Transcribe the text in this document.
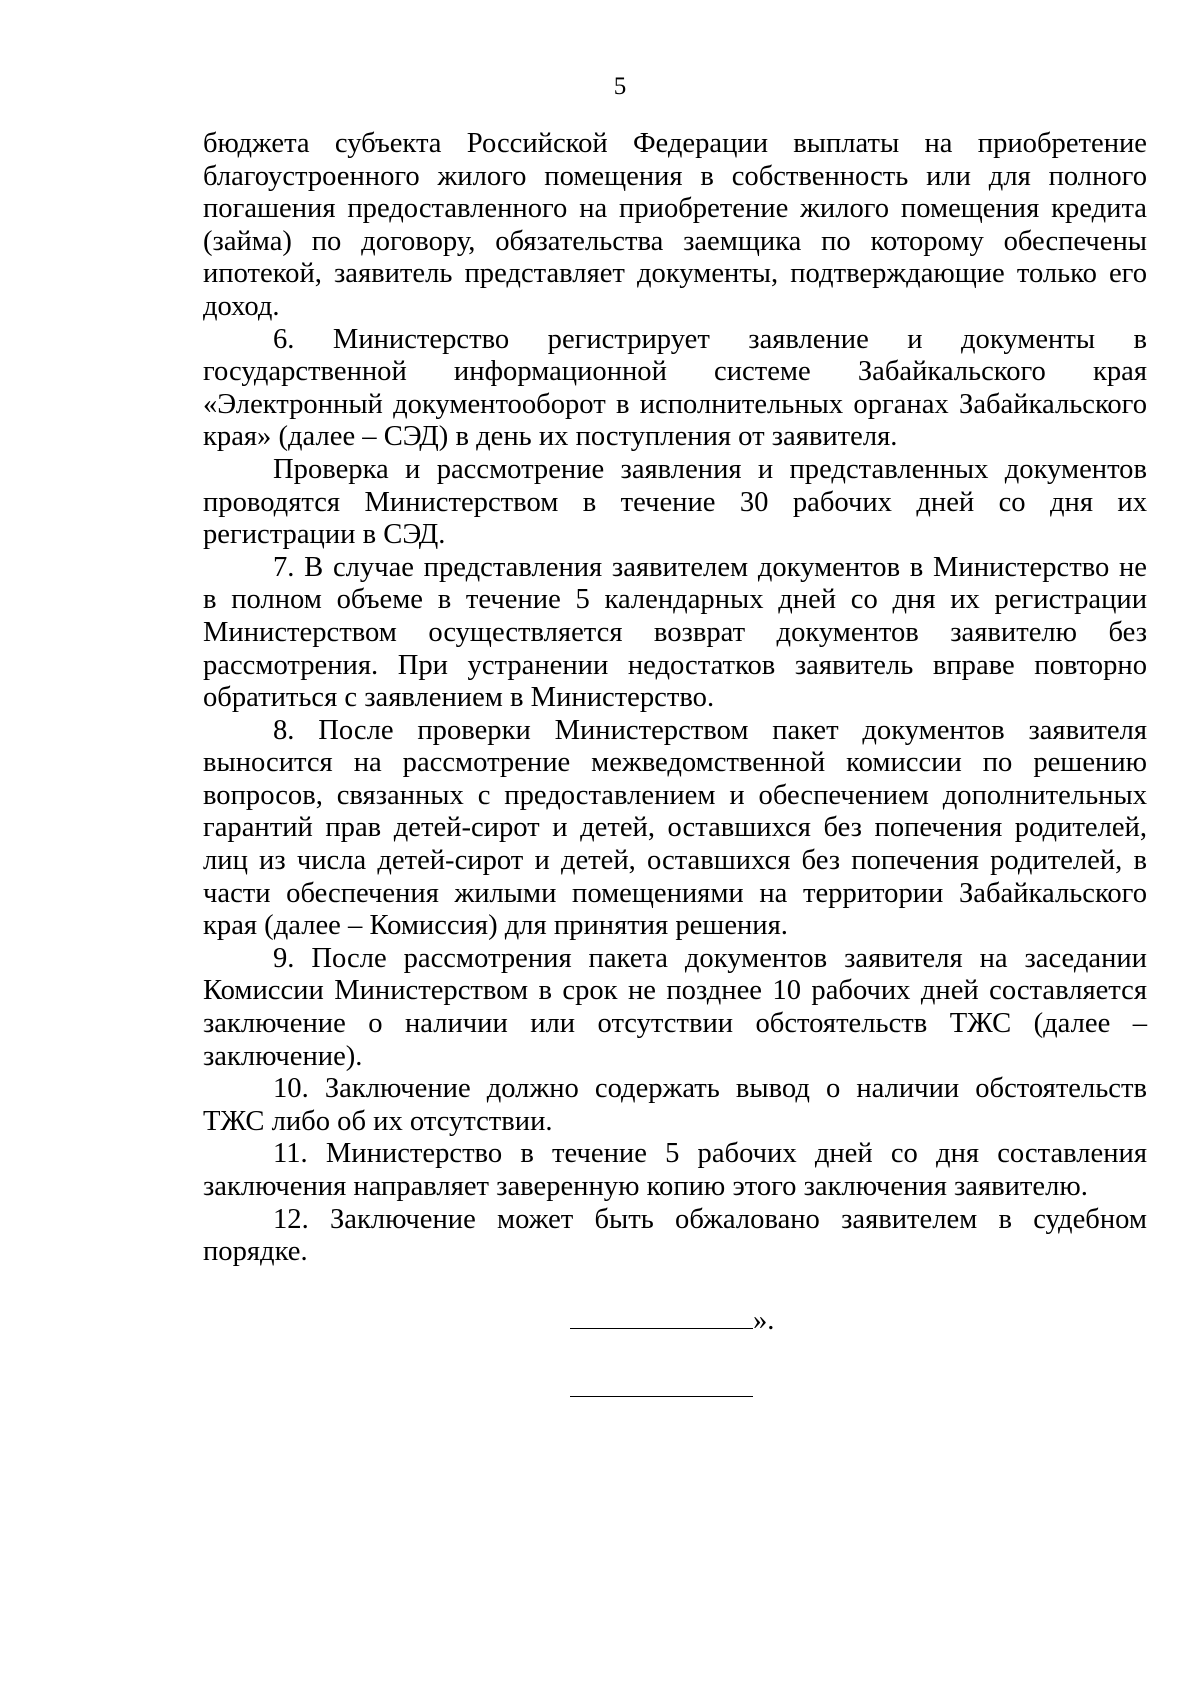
5

бюджета субъекта Российской Федерации выплаты на приобретение благоустроенного жилого помещения в собственность или для полного погашения предоставленного на приобретение жилого помещения кредита (займа) по договору, обязательства заемщика по которому обеспечены ипотекой, заявитель представляет документы, подтверждающие только его доход.

6. Министерство регистрирует заявление и документы в государственной информационной системе Забайкальского края «Электронный документооборот в исполнительных органах Забайкальского края» (далее – СЭД) в день их поступления от заявителя.

Проверка и рассмотрение заявления и представленных документов проводятся Министерством в течение 30 рабочих дней со дня их регистрации в СЭД.

7. В случае представления заявителем документов в Министерство не в полном объеме в течение 5 календарных дней со дня их регистрации Министерством осуществляется возврат документов заявителю без рассмотрения. При устранении недостатков заявитель вправе повторно обратиться с заявлением в Министерство.

8. После проверки Министерством пакет документов заявителя выносится на рассмотрение межведомственной комиссии по решению вопросов, связанных с предоставлением и обеспечением дополнительных гарантий прав детей-сирот и детей, оставшихся без попечения родителей, лиц из числа детей-сирот и детей, оставшихся без попечения родителей, в части обеспечения жилыми помещениями на территории Забайкальского края (далее – Комиссия) для принятия решения.

9. После рассмотрения пакета документов заявителя на заседании Комиссии Министерством в срок не позднее 10 рабочих дней составляется заключение о наличии или отсутствии обстоятельств ТЖС (далее – заключение).

10. Заключение должно содержать вывод о наличии обстоятельств ТЖС либо об их отсутствии.

11. Министерство в течение 5 рабочих дней со дня составления заключения направляет заверенную копию этого заключения заявителю.

12. Заключение может быть обжаловано заявителем в судебном порядке.

».
